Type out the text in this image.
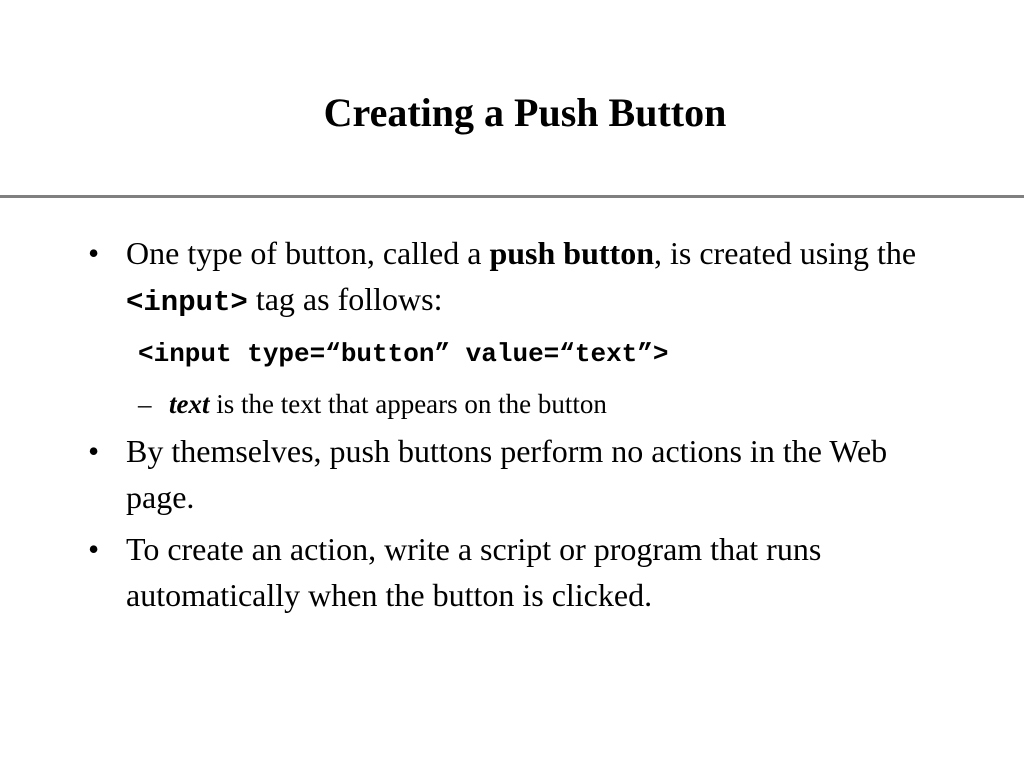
Creating a Push Button
• One type of button, called a push button, is created using the <input> tag as follows:
<input type=“button” value=“text”>
– text is the text that appears on the button
• By themselves, push buttons perform no actions in the Web page.
• To create an action, write a script or program that runs automatically when the button is clicked.
